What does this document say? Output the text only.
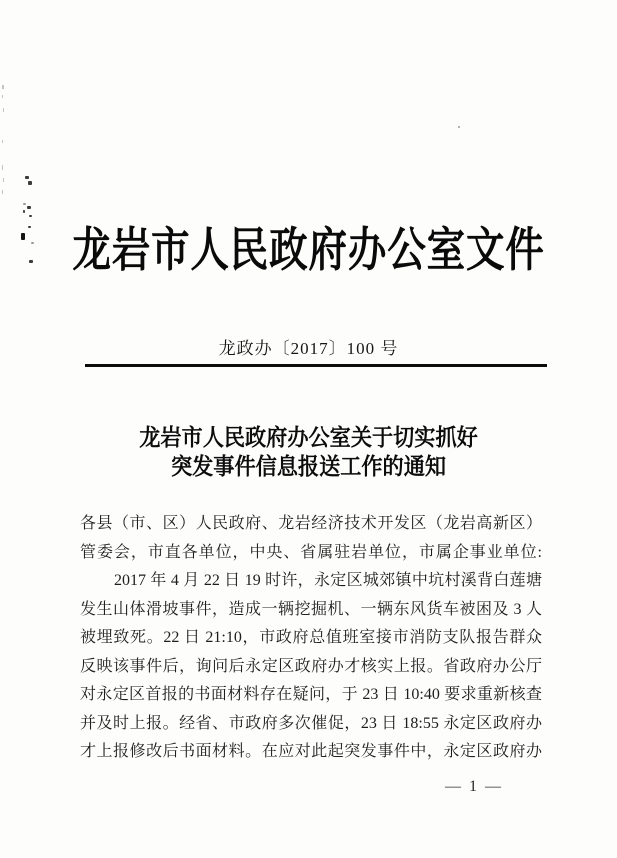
龙岩市人民政府办公室文件
龙政办〔2017〕100 号
龙岩市人民政府办公室关于切实抓好
突发事件信息报送工作的通知
各县（市、区）人民政府、龙岩经济技术开发区（龙岩高新区）
管委会，市直各单位，中央、省属驻岩单位，市属企事业单位:
2017 年 4 月 22 日 19 时许，永定区城郊镇中坑村溪背白莲塘
发生山体滑坡事件，造成一辆挖掘机、一辆东风货车被困及 3 人
被埋致死。22 日 21:10，市政府总值班室接市消防支队报告群众
反映该事件后，询问后永定区政府办才核实上报。省政府办公厅
对永定区首报的书面材料存在疑问，于 23 日 10:40 要求重新核查
并及时上报。经省、市政府多次催促，23 日 18:55 永定区政府办
才上报修改后书面材料。在应对此起突发事件中，永定区政府办
— 1 —
